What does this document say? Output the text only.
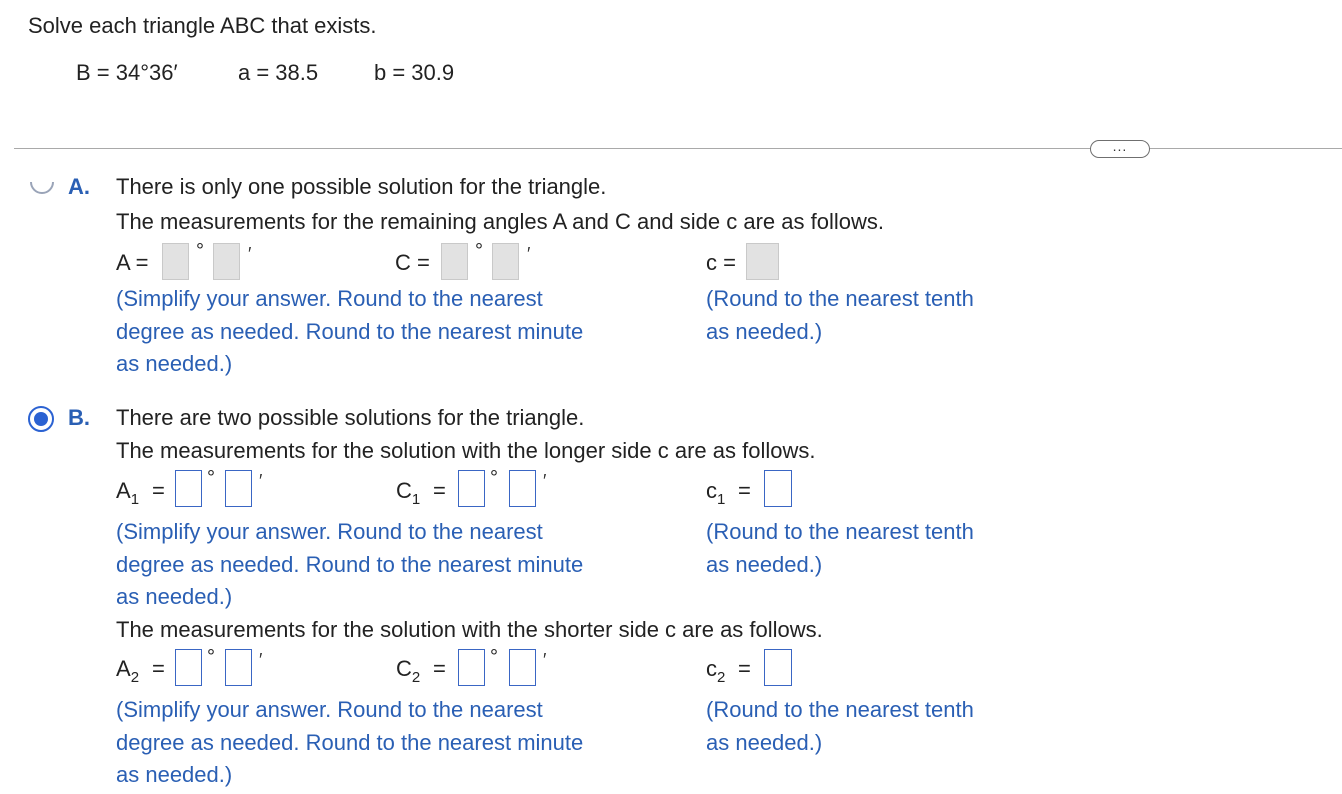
Solve each triangle ABC that exists.
B = 34°36′	a = 38.5	b = 30.9
...
A. There is only one possible solution for the triangle.
The measurements for the remaining angles A and C and side c are as follows.
A = ° ′	C = ° ′	c =
(Simplify your answer. Round to the nearest
degree as needed. Round to the nearest minute
as needed.)
(Round to the nearest tenth
as needed.)
B. There are two possible solutions for the triangle.
The measurements for the solution with the longer side c are as follows.
$A_1$ = ° ′	$C_1$ = °	′	$c_1$ =
(Simplify your answer. Round to the nearest
degree as needed. Round to the nearest minute
as needed.)
(Round to the nearest tenth
as needed.)
The measurements for the solution with the shorter side c are as follows.
$A_2$ = ° ′	$C_2$ = °	′	$c_2$ =
(Simplify your answer. Round to the nearest
degree as needed. Round to the nearest minute
as needed.)
(Round to the nearest tenth
as needed.)
